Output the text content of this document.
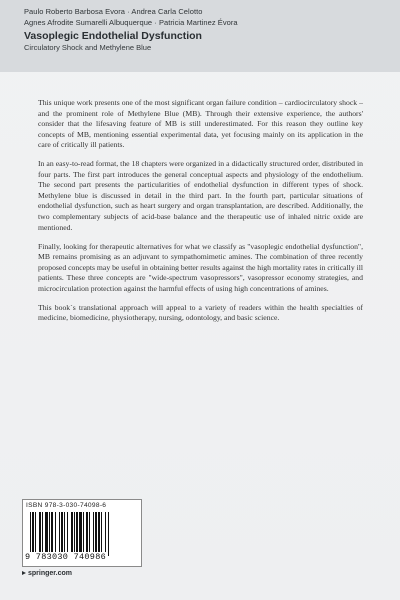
Paulo Roberto Barbosa Evora · Andrea Carla Celotto
Agnes Afrodite Sumarelli Albuquerque · Patricia Martinez Évora
Vasoplegic Endothelial Dysfunction
Circulatory Shock and Methylene Blue

This unique work presents one of the most significant organ failure condition – cardiocirculatory shock – and the prominent role of Methylene Blue (MB). Through their extensive experience, the authors' consider that the lifesaving feature of MB is still underestimated. For this reason they outline key concepts of MB, mentioning essential experimental data, yet focusing mainly on its application in the care of critically ill patients.

In an easy-to-read format, the 18 chapters were organized in a didactically structured order, distributed in four parts. The first part introduces the general conceptual aspects and physiology of the endothelium. The second part presents the particularities of endothelial dysfunction in different types of shock. Methylene blue is discussed in detail in the third part. In the fourth part, particular situations of endothelial dysfunction, such as heart surgery and organ transplantation, are described. Additionally, the two complementary subjects of acid-base balance and the therapeutic use of inhaled nitric oxide are mentioned.

Finally, looking for therapeutic alternatives for what we classify as "vasoplegic endothelial dysfunction", MB remains promising as an adjuvant to sympathomimetic amines. The combination of three recently proposed concepts may be useful in obtaining better results against the high mortality rates in critically ill patients. These three concepts are "wide-spectrum vasopressors", vasopressor economy strategies, and microcirculation protection against the harmful effects of using high concentrations of amines.

This book´s translational approach will appeal to a variety of readers within the health specialties of medicine, biomedicine, physiotherapy, nursing, odontology, and basic science.

ISBN 978-3-030-74098-6
9 783030 740986
springer.com
